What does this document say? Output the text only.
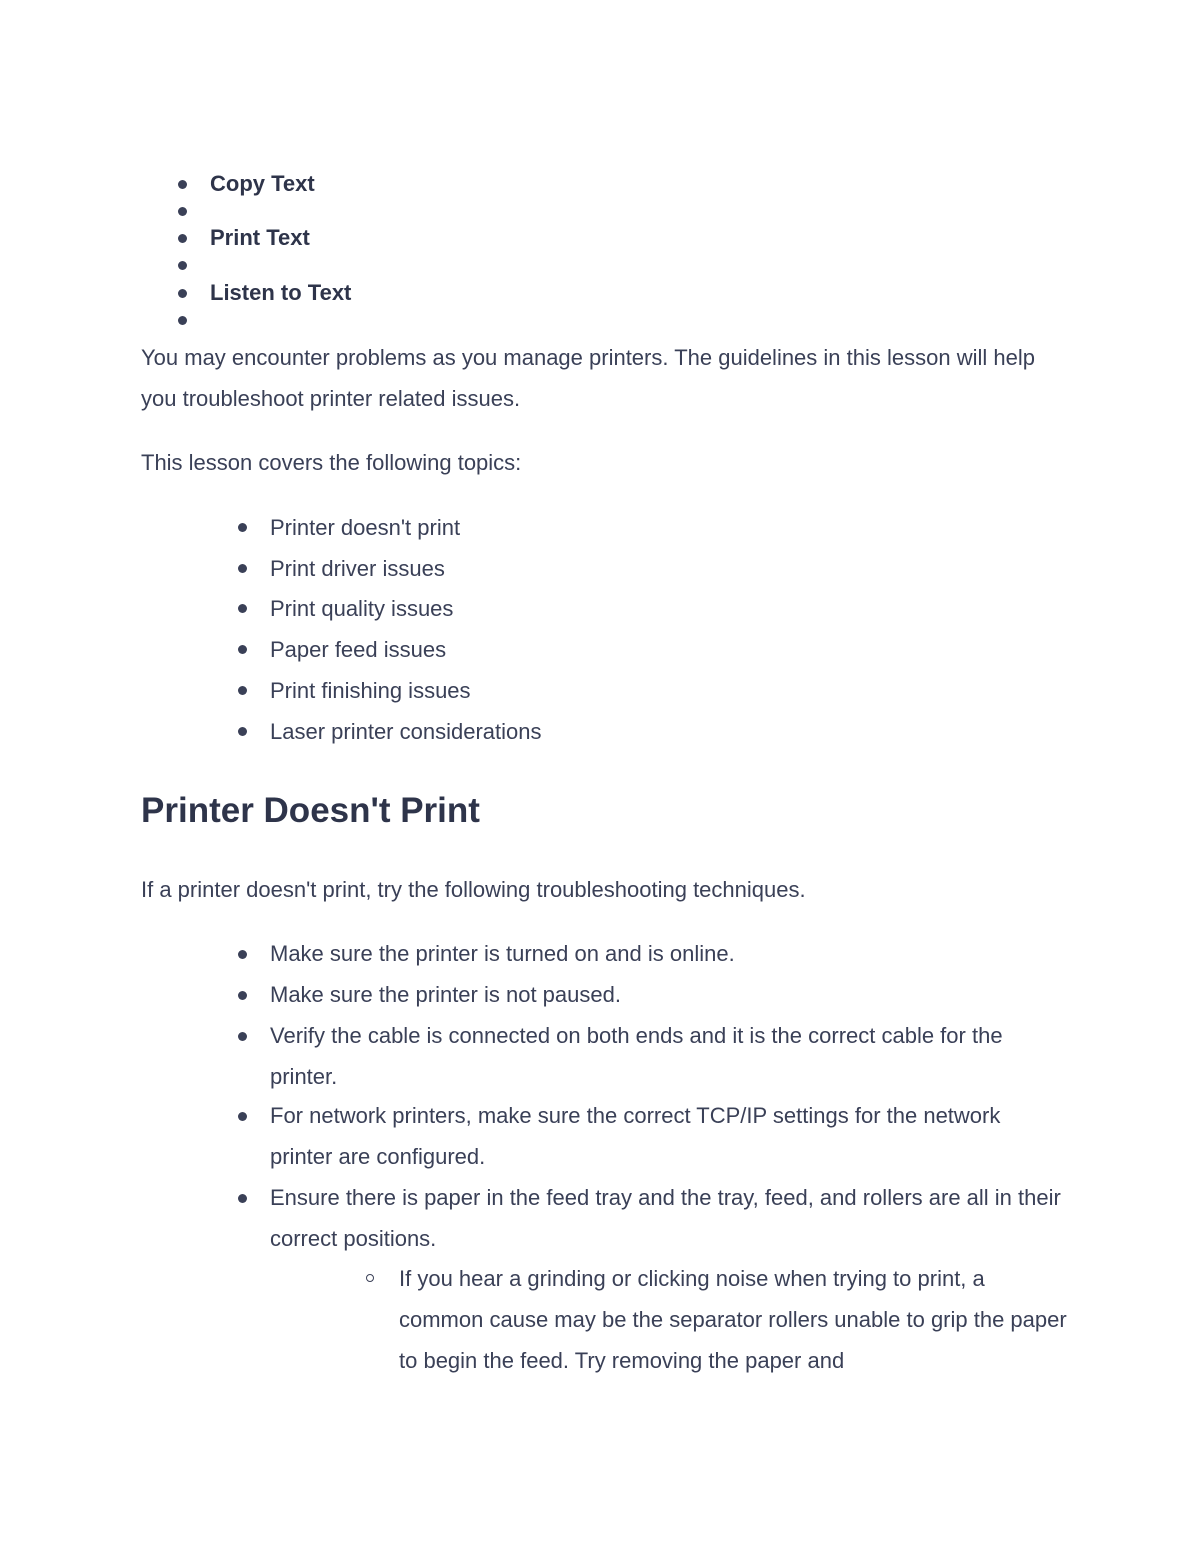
Copy Text
Print Text
Listen to Text
You may encounter problems as you manage printers. The guidelines in this lesson will help you troubleshoot printer related issues.
This lesson covers the following topics:
Printer doesn't print
Print driver issues
Print quality issues
Paper feed issues
Print finishing issues
Laser printer considerations
Printer Doesn't Print
If a printer doesn't print, try the following troubleshooting techniques.
Make sure the printer is turned on and is online.
Make sure the printer is not paused.
Verify the cable is connected on both ends and it is the correct cable for the printer.
For network printers, make sure the correct TCP/IP settings for the network printer are configured.
Ensure there is paper in the feed tray and the tray, feed, and rollers are all in their correct positions.
If you hear a grinding or clicking noise when trying to print, a common cause may be the separator rollers unable to grip the paper to begin the feed. Try removing the paper and
